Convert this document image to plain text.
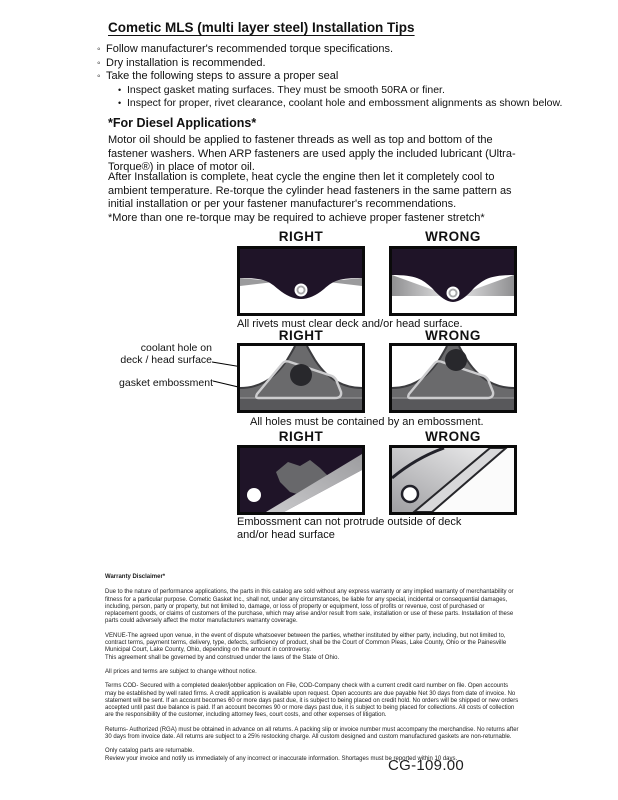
Cometic MLS (multi layer steel) Installation Tips
◦ Follow manufacturer's recommended torque specifications.
◦ Dry installation is recommended.
◦ Take the following steps to assure a proper seal
• Inspect gasket mating surfaces. They must be smooth 50RA or finer.
• Inspect for proper, rivet clearance, coolant hole and embossment alignments as shown below.
*For Diesel Applications*
Motor oil should be applied to fastener threads as well as top and bottom of the fastener washers. When ARP fasteners are used apply the included lubricant (Ultra-Torque®) in place of motor oil.
After Installation is complete, heat cycle the engine then let it completely cool to ambient temperature. Re-torque the cylinder head fasteners in the same pattern as initial installation or per your fastener manufacturer's recommendations.
*More than one re-torque may be required to achieve proper fastener stretch*
RIGHT	WRONG
All rivets must clear deck and/or head surface.
RIGHT	WRONG
coolant hole on
deck / head surface
gasket embossment
All holes must be contained by an embossment.
RIGHT	WRONG
Embossment can not protrude outside of deck and/or head surface
Warranty Disclaimer*
Due to the nature of performance applications, the parts in this catalog are sold without any express warranty or any implied warranty of merchantability or fitness for a particular purpose. Cometic Gasket Inc., shall not, under any circumstances, be liable for any special, incidental or consequential damages, including, person, party or property, but not limited to, damage, or loss of property or equipment, loss of profits or revenue, cost of purchased or replacement goods, or claims of customers of the purchase, which may arise and/or result from sale, installation or use of these parts. Installation of these parts could adversely affect the motor manufacturers warranty coverage.
VENUE-The agreed upon venue, in the event of dispute whatsoever between the parties, whether instituted by either party, including, but not limited to, contract terms, payment terms, delivery, type, defects, sufficiency of product, shall be the Court of Common Pleas, Lake County, Ohio or the Painesville Municipal Court, Lake County, Ohio, depending on the amount in controversy.
This agreement shall be governed by and construed under the laws of the State of Ohio.
All prices and terms are subject to change without notice.
Terms COD- Secured with a completed dealer/jobber application on File, COD-Company check with a current credit card number on file. Open accounts may be established by well rated firms. A credit application is available upon request. Open accounts are due payable Net 30 days from date of invoice. No statement will be sent. If an account becomes 60 or more days past due, it is subject to being placed on credit hold. No orders will be shipped or new orders accepted until past due balance is paid. If an account becomes 90 or more days past due, it is subject to being placed for collections. All costs of collection are the responsibility of the customer, including attorney fees, court costs, and other expenses of litigation.
Returns- Authorized (RGA) must be obtained in advance on all returns. A packing slip or invoice number must accompany the merchandise. No returns after 30 days from invoice date. All returns are subject to a 25% restocking charge. All custom designed and custom manufactured gaskets are non-returnable.
Only catalog parts are returnable.
Review your invoice and notify us immediately of any incorrect or inaccurate information. Shortages must be reported within 10 days.
CG-109.00
